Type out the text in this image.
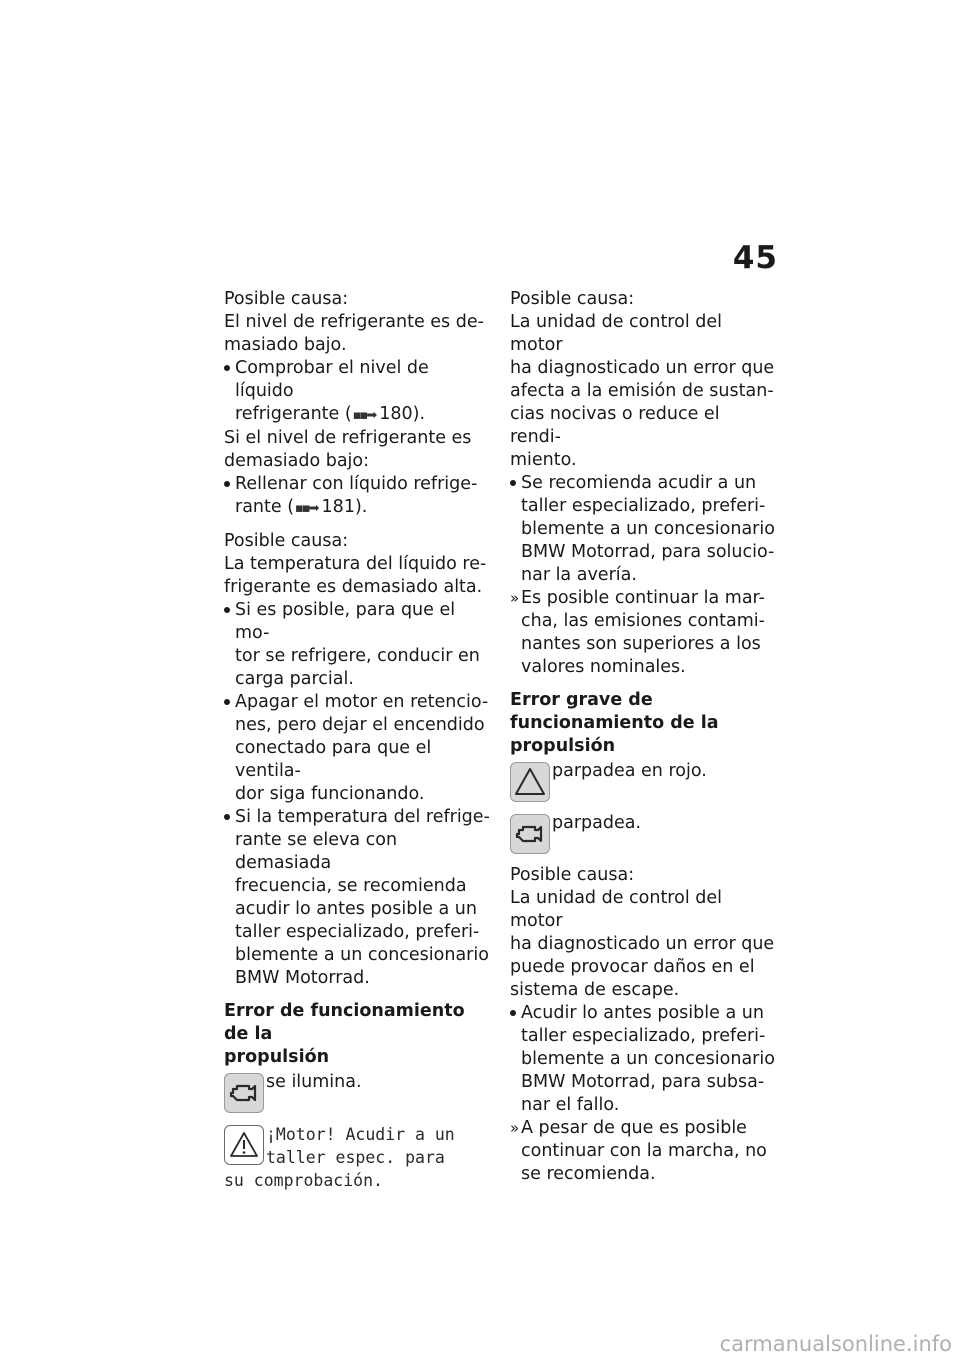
45

Posible causa:

El nivel de refrigerante es de-

masiado bajo.

Comprobar el nivel de líquido
refrigerante (▪▪➡ 180).

Si el nivel de refrigerante es

demasiado bajo:

Rellenar con líquido refrige-
rante (▪▪➡ 181).

Posible causa:

La temperatura del líquido re-

frigerante es demasiado alta.

Si es posible, para que el mo-
tor se refrigere, conducir en
carga parcial.
Apagar el motor en retencio-
nes, pero dejar el encendido
conectado para que el ventila-
dor siga funcionando.
Si la temperatura del refrige-
rante se eleva con demasiada
frecuencia, se recomienda
acudir lo antes posible a un
taller especializado, preferi-
blemente a un concesionario
BMW Motorrad.

Error de funcionamiento de la

propulsión

se ilumina.
¡Motor! Acudir a un
taller espec. para
su comprobación.

Posible causa:

La unidad de control del motor

ha diagnosticado un error que

afecta a la emisión de sustan-

cias nocivas o reduce el rendi-

miento.

Se recomienda acudir a un
taller especializado, preferi-
blemente a un concesionario
BMW Motorrad, para solucio-
nar la avería.
» Es posible continuar la mar-
cha, las emisiones contami-
nantes son superiores a los
valores nominales.

Error grave de

funcionamiento de la

propulsión

parpadea en rojo.
parpadea.

Posible causa:

La unidad de control del motor

ha diagnosticado un error que

puede provocar daños en el

sistema de escape.

Acudir lo antes posible a un
taller especializado, preferi-
blemente a un concesionario
BMW Motorrad, para subsa-
nar el fallo.
» A pesar de que es posible
continuar con la marcha, no
se recomienda.
carmanualsonline.info
